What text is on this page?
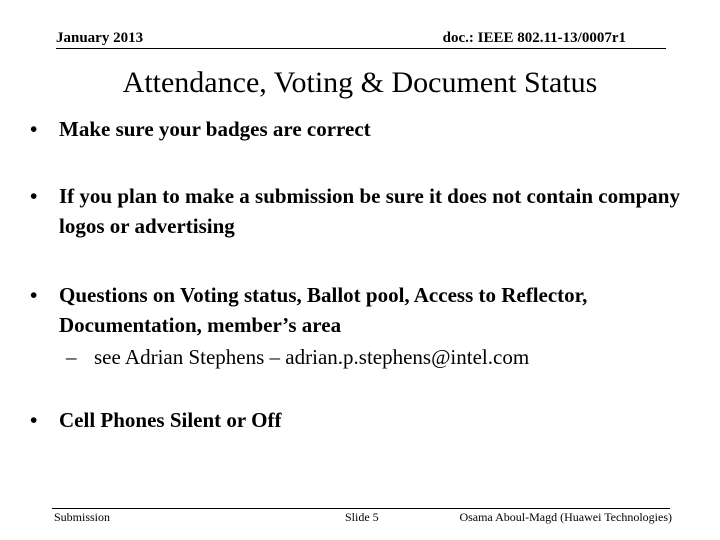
January 2013	doc.: IEEE 802.11-13/0007r1
Attendance, Voting & Document Status
•	Make sure your badges are correct
•	If you plan to make a submission be sure it does not contain company logos or advertising
•	Questions on Voting status, Ballot pool, Access to Reflector, Documentation, member’s area
– see Adrian Stephens – adrian.p.stephens@intel.com
•	Cell Phones Silent or Off
Submission	Slide 5	Osama Aboul-Magd (Huawei Technologies)
